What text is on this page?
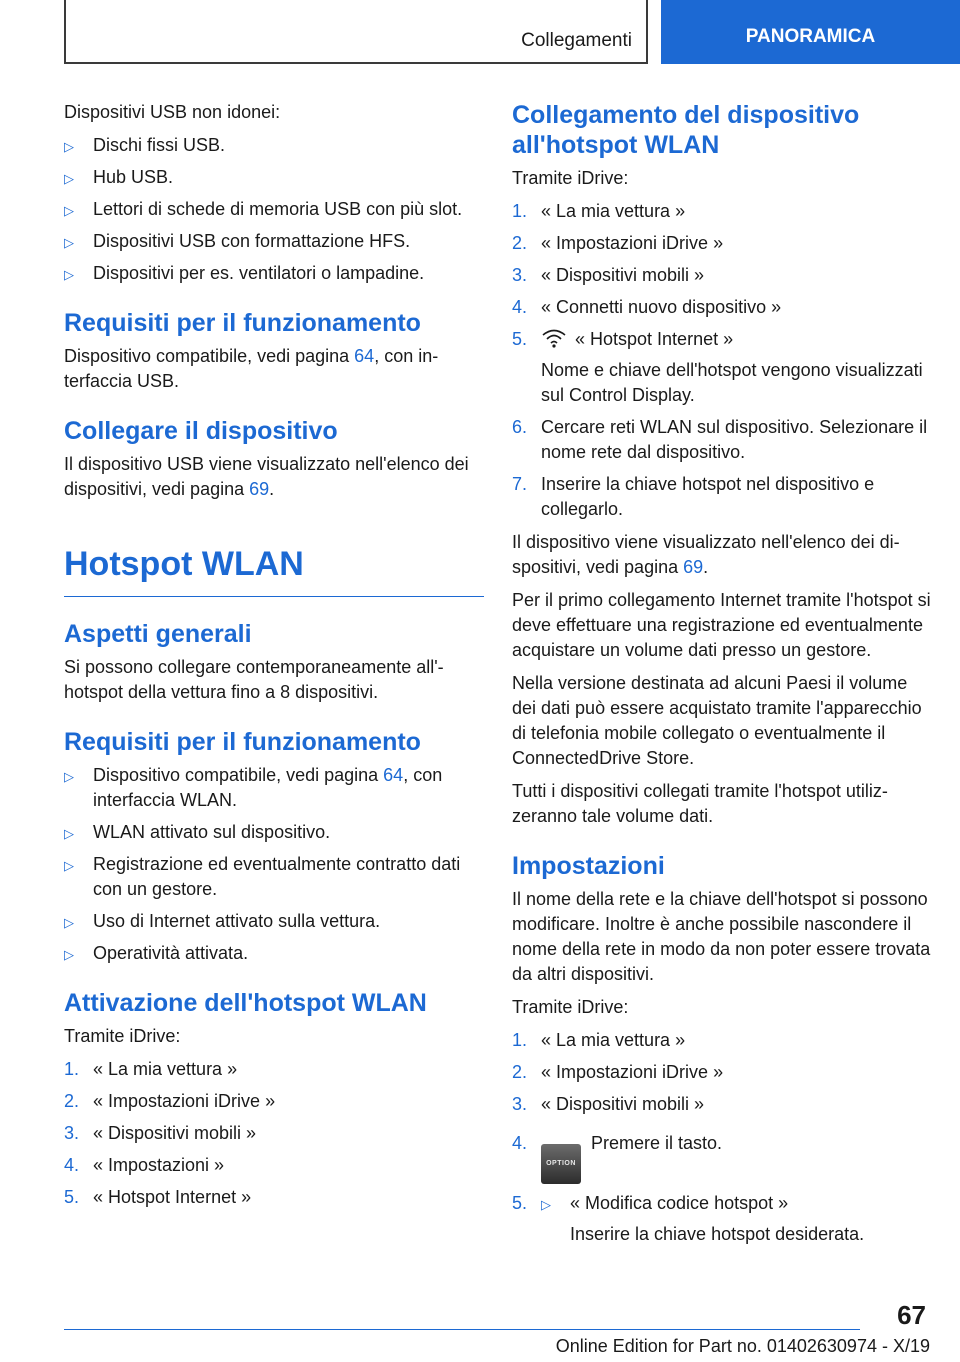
Collegamenti	PANORAMICA

Dispositivi USB non idonei:

▷ Dischi fissi USB.
▷ Hub USB.
▷ Lettori di schede di memoria USB con più slot.
▷ Dispositivi USB con formattazione HFS.
▷ Dispositivi per es. ventilatori o lampadine.
Requisiti per il funzionamento

Dispositivo compatibile, vedi pagina 64, con interfaccia USB.

Collegare il dispositivo

Il dispositivo USB viene visualizzato nell'elenco dei dispositivi, vedi pagina 69.

Hotspot WLAN
Aspetti generali

Si possono collegare contemporaneamente all'hotspot della vettura fino a 8 dispositivi.

Requisiti per il funzionamento
▷ Dispositivo compatibile, vedi pagina 64, con interfaccia WLAN.
▷ WLAN attivato sul dispositivo.
▷ Registrazione ed eventualmente contratto dati con un gestore.
▷ Uso di Internet attivato sulla vettura.
▷ Operatività attivata.
Attivazione dell'hotspot WLAN

Tramite iDrive:

1. « La mia vettura »
2. « Impostazioni iDrive »
3. « Dispositivi mobili »
4. « Impostazioni »
5. « Hotspot Internet »
Collegamento del dispositivo all'hotspot WLAN

Tramite iDrive:

1. « La mia vettura »
2. « Impostazioni iDrive »
3. « Dispositivi mobili »
4. « Connetti nuovo dispositivo »
5.	« Hotspot Internet »
Nome e chiave dell'hotspot vengono visualizzati sul Control Display.
6. Cercare reti WLAN sul dispositivo. Selezionare il nome rete dal dispositivo.
7. Inserire la chiave hotspot nel dispositivo e collegarlo.

Il dispositivo viene visualizzato nell'elenco dei dispositivi, vedi pagina 69.

Per il primo collegamento Internet tramite l'hotspot si deve effettuare una registrazione ed eventualmente acquistare un volume dati presso un gestore.

Nella versione destinata ad alcuni Paesi il volume dei dati può essere acquistato tramite l'apparecchio di telefonia mobile collegato o eventualmente il ConnectedDrive Store.

Tutti i dispositivi collegati tramite l'hotspot utilizzeranno tale volume dati.

Impostazioni

Il nome della rete e la chiave dell'hotspot si possono modificare. Inoltre è anche possibile nascondere il nome della rete in modo da non poter essere trovata da altri dispositivi.

Tramite iDrive:

1. « La mia vettura »
2. « Impostazioni iDrive »
3. « Dispositivi mobili »
4.
OPTIONPremere il tasto.
5. ▷	« Modifica codice hotspot »
Inserire la chiave hotspot desiderata.
67
Online Edition for Part no. 01402630974 - X/19
